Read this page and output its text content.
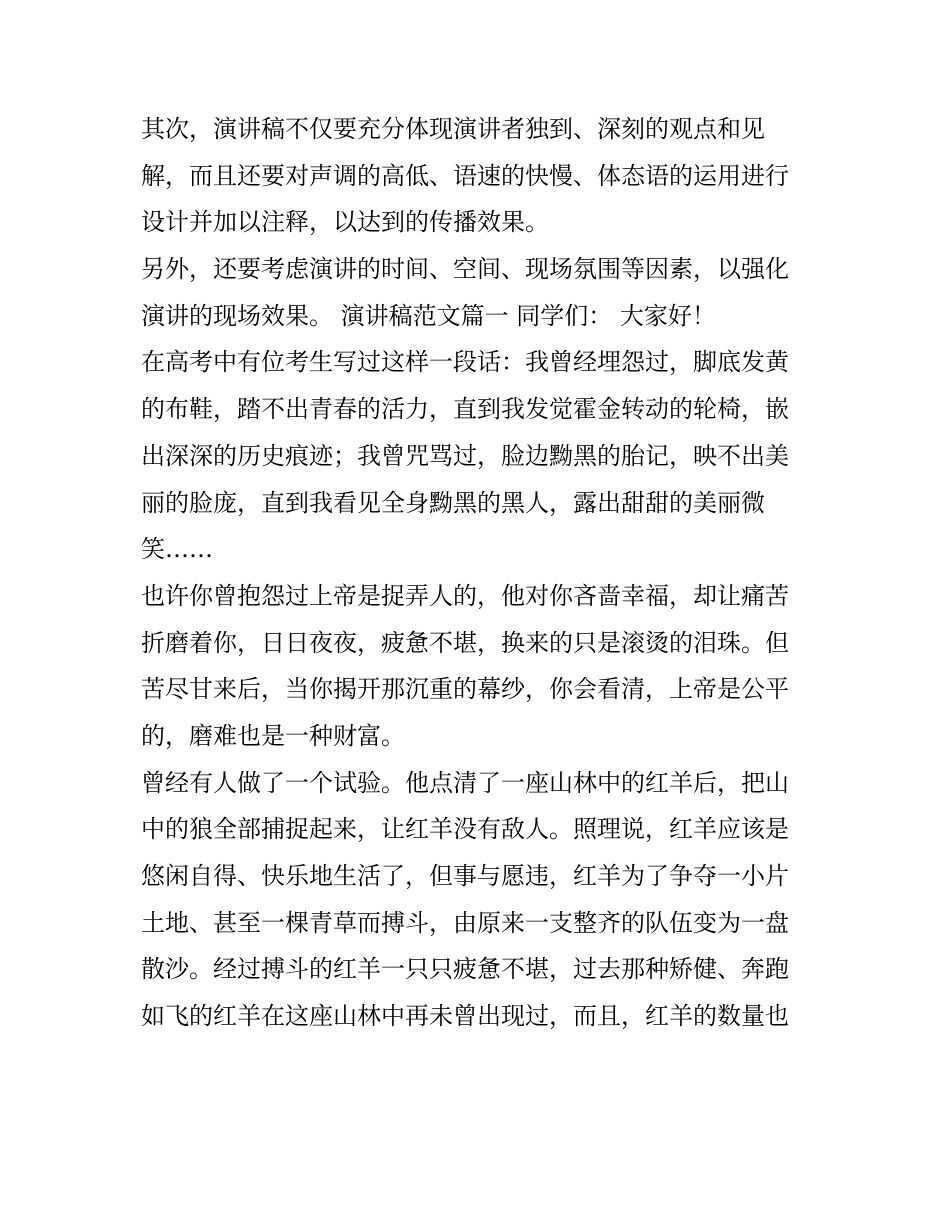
其次，演讲稿不仅要充分体现演讲者独到、深刻的观点和见
解，而且还要对声调的高低、语速的快慢、体态语的运用进行
设计并加以注释，以达到的传播效果。
另外，还要考虑演讲的时间、空间、现场氛围等因素，以强化
演讲的现场效果。 演讲稿范文篇一 同学们： 大家好！
在高考中有位考生写过这样一段话：我曾经埋怨过，脚底发黄
的布鞋，踏不出青春的活力，直到我发觉霍金转动的轮椅，嵌
出深深的历史痕迹；我曾咒骂过，脸边黝黑的胎记，映不出美
丽的脸庞，直到我看见全身黝黑的黑人，露出甜甜的美丽微
笑……
也许你曾抱怨过上帝是捉弄人的，他对你吝啬幸福，却让痛苦
折磨着你，日日夜夜，疲惫不堪，换来的只是滚烫的泪珠。但
苦尽甘来后，当你揭开那沉重的幕纱，你会看清，上帝是公平
的，磨难也是一种财富。
曾经有人做了一个试验。他点清了一座山林中的红羊后，把山
中的狼全部捕捉起来，让红羊没有敌人。照理说，红羊应该是
悠闲自得、快乐地生活了，但事与愿违，红羊为了争夺一小片
土地、甚至一棵青草而搏斗，由原来一支整齐的队伍变为一盘
散沙。经过搏斗的红羊一只只疲惫不堪，过去那种矫健、奔跑
如飞的红羊在这座山林中再未曾出现过，而且，红羊的数量也
